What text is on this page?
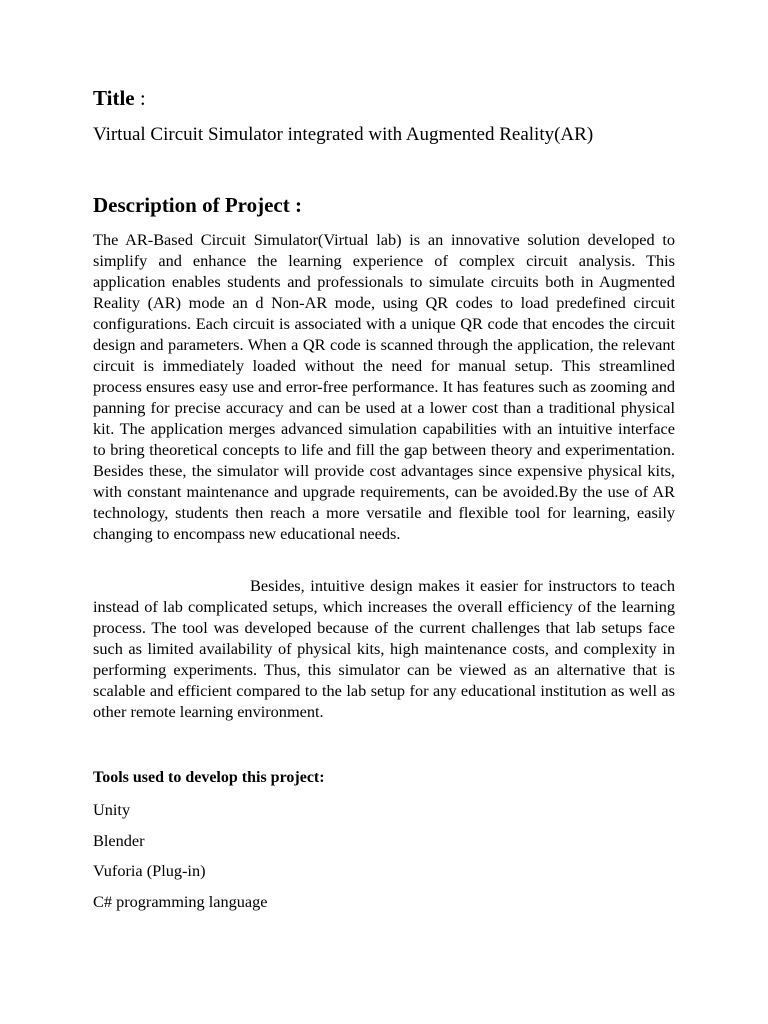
Title :
Virtual Circuit Simulator integrated with Augmented Reality(AR)
Description of Project :

The AR-Based Circuit Simulator(Virtual lab) is an innovative solution developed to simplify and enhance the learning experience of complex circuit analysis. This application enables students and professionals to simulate circuits both in Augmented Reality (AR) mode an d Non-AR mode, using QR codes to load predefined circuit configurations. Each circuit is associated with a unique QR code that encodes the circuit design and parameters. When a QR code is scanned through the application, the relevant circuit is immediately loaded without the need for manual setup. This streamlined process ensures easy use and error-free performance. It has features such as zooming and panning for precise accuracy and can be used at a lower cost than a traditional physical kit. The application merges advanced simulation capabilities with an intuitive interface to bring theoretical concepts to life and fill the gap between theory and experimentation. Besides these, the simulator will provide cost advantages since expensive physical kits, with constant maintenance and upgrade requirements, can be avoided.By the use of AR technology, students then reach a more versatile and flexible tool for learning, easily changing to encompass new educational needs.

Besides, intuitive design makes it easier for instructors to teach instead of lab complicated setups, which increases the overall efficiency of the learning process. The tool was developed because of the current challenges that lab setups face such as limited availability of physical kits, high maintenance costs, and complexity in performing experiments. Thus, this simulator can be viewed as an alternative that is scalable and efficient compared to the lab setup for any educational institution as well as other remote learning environment.

Tools used to develop this project:
Unity
Blender
Vuforia (Plug-in)
C# programming language
